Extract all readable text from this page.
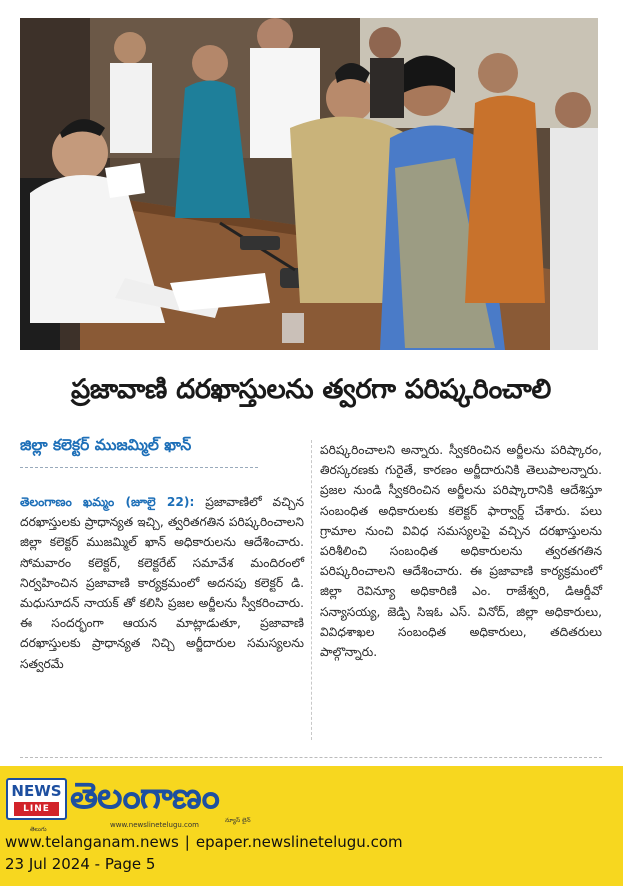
ప్రజావాణి దరఖాస్తులను త్వరగా పరిష్కరించాలి
జిల్లా కలెక్టర్ ముజమ్మిల్ ఖాన్

తెలంగాణం ఖమ్మం (జూలై 22): ప్రజావాణిలో వచ్చిన దరఖాస్తులకు ప్రాధాన్యత ఇచ్చి, త్వరితగతిన పరిష్కరించాలని జిల్లా కలెక్టర్ ముజమ్మిల్ ఖాన్ అధికారులను ఆదేశించారు. సోమవారం కలెక్టర్, కలెక్టరేట్ సమావేశ మందిరంలో నిర్వహించిన ప్రజావాణి కార్యక్రమంలో అదనపు కలెక్టర్ డి. మధుసూదన్ నాయక్ తో కలిసి ప్రజల అర్జీలను స్వీకరించారు. ఈ సందర్భంగా ఆయన మాట్లాడుతూ, ప్రజావాణి దరఖాస్తులకు ప్రాధాన్యత నిచ్చి అర్జీదారుల సమస్యలను సత్వరమే

పరిష్కరించాలని అన్నారు. స్వీకరించిన అర్జీలను పరిష్కారం, తిరస్కరణకు గురైతే, కారణం అర్జీదారునికి తెలుపాలన్నారు. ప్రజల నుండి స్వీకరించిన అర్జీలను పరిష్కారానికి ఆదేశిస్తూ సంబంధిత అధికారులకు కలెక్టర్ ఫార్వార్డ్ చేశారు. పలు గ్రామాల నుంచి వివిధ సమస్యలపై వచ్చిన దరఖాస్తులను పరిశీలించి సంబంధిత అధికారులను త్వరతగతిన పరిష్కరించాలని ఆదేశించారు. ఈ ప్రజావాణి కార్యక్రమంలో జిల్లా రెవిన్యూ అధికారిణి ఎం. రాజేశ్వరి, డిఆర్డీవో సన్యాసయ్య, జెడ్పి సిఇఓ ఎస్. వినోద్, జిల్లా అధికారులు, వివిధశాఖల సంబంధిత అధికారులు, తదితరులు పాల్గొన్నారు.

NEWS
LINE
తెలుగు
తెలంగాణం
www.newslinetelugu.com
న్యూస్ లైన్
www.telanganam.news | epaper.newslinetelugu.com
23 Jul 2024 - Page 5
